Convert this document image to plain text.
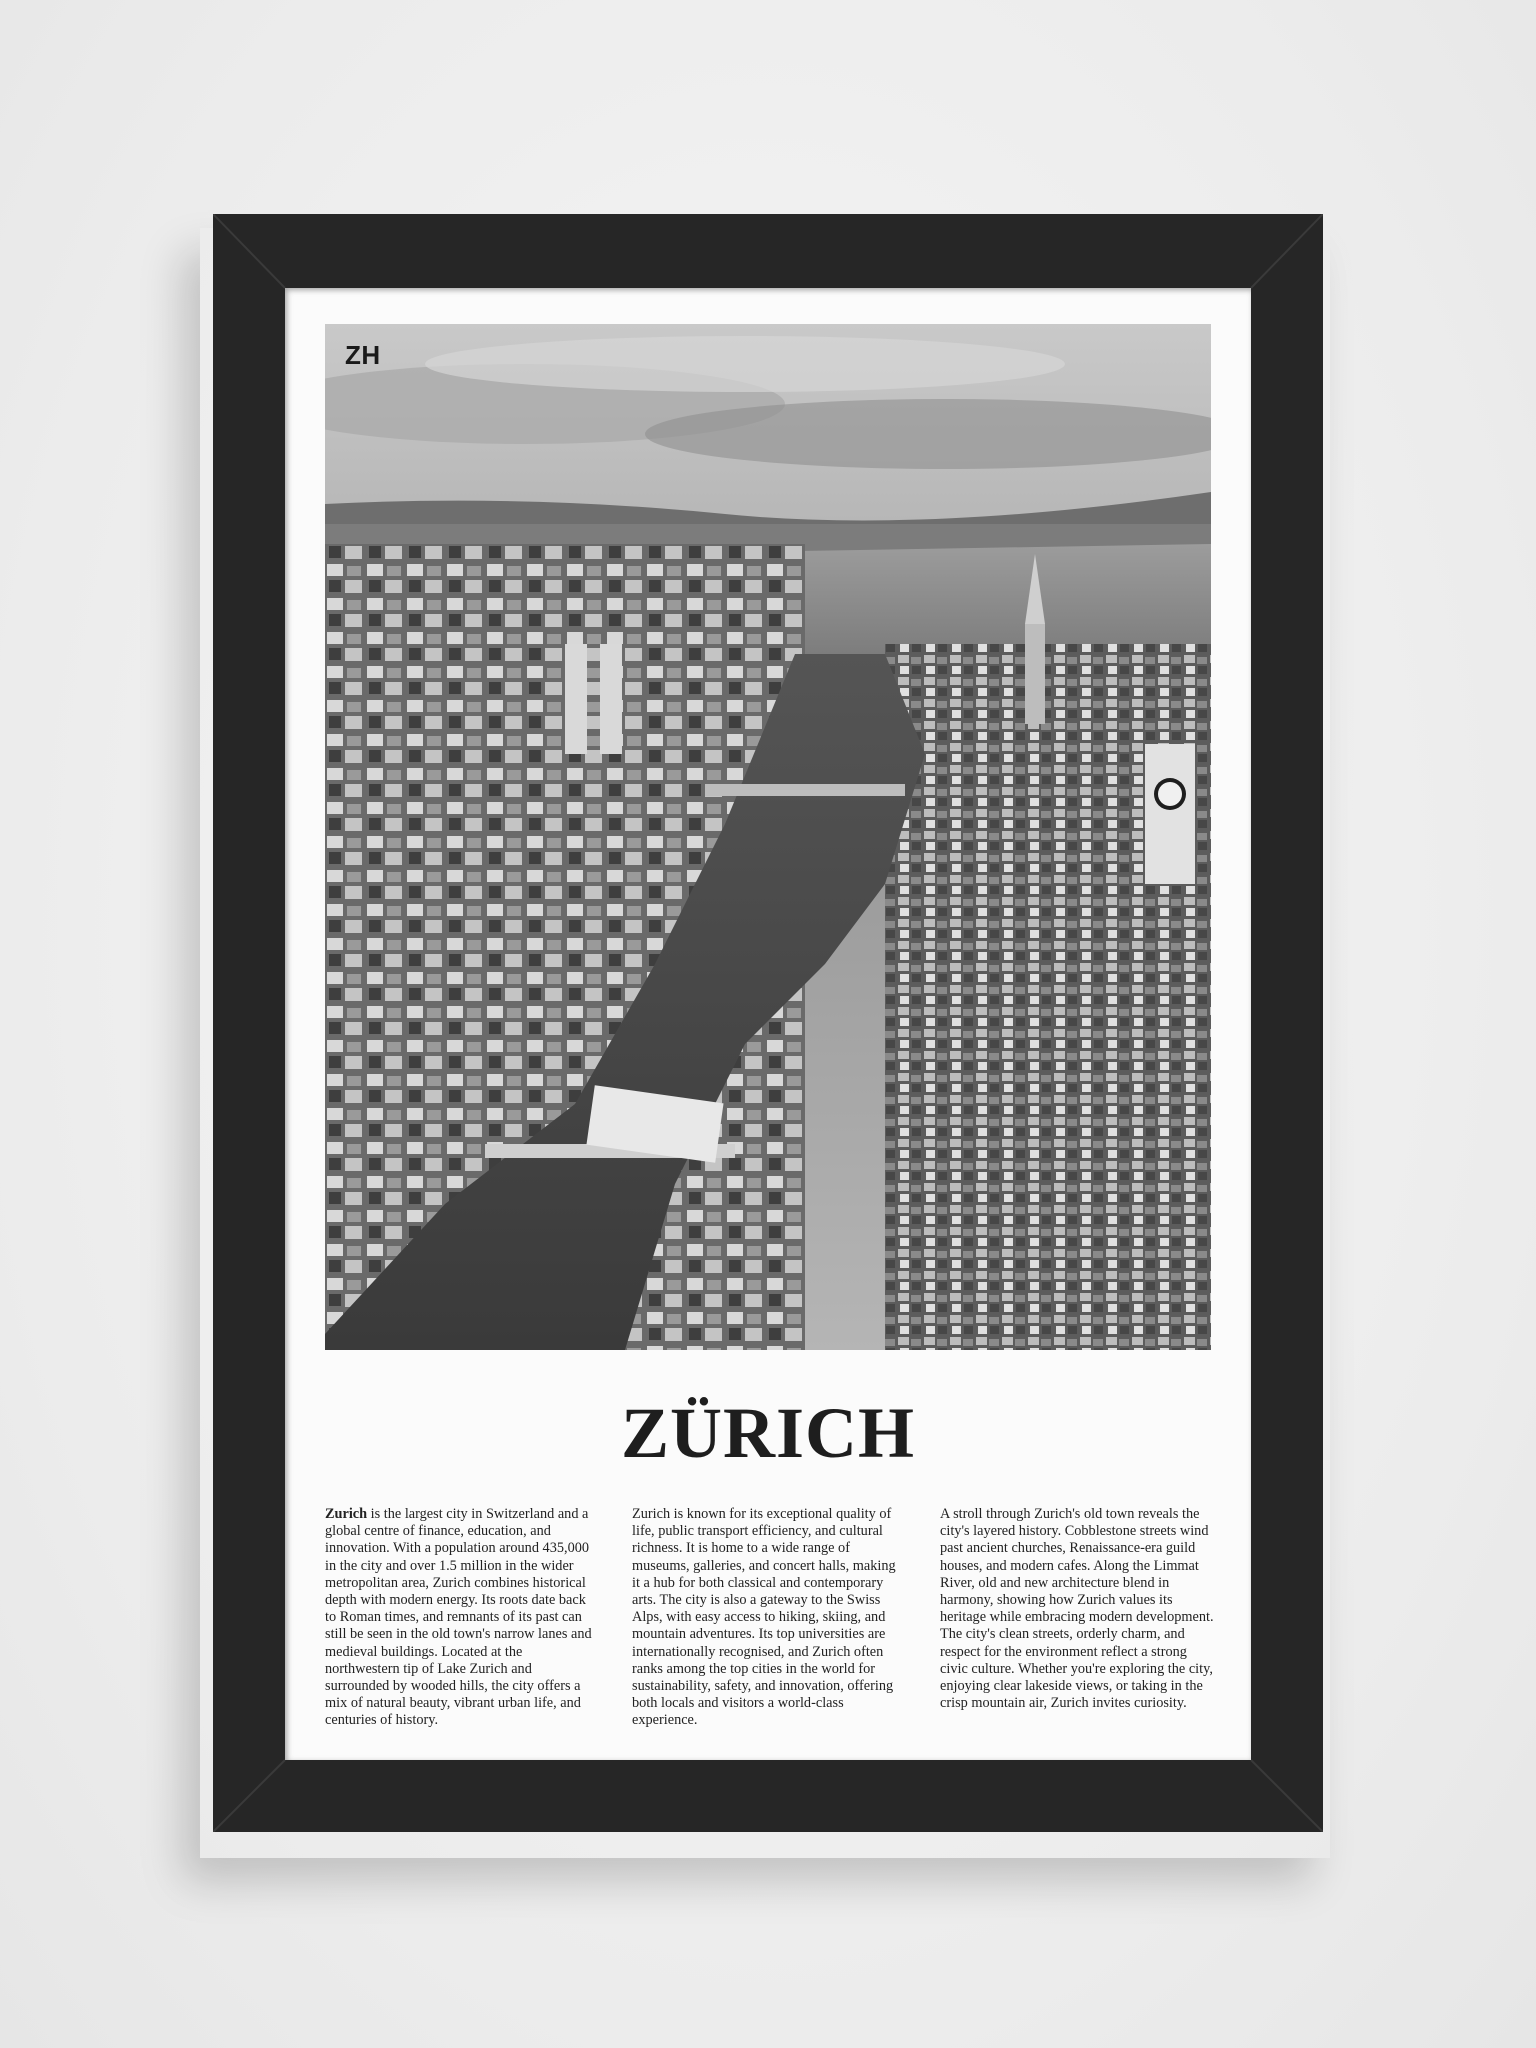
ZH
ZÜRICH
Zurich is the largest city in Switzerland and a global centre of finance, education, and innovation. With a population around 435,000 in the city and over 1.5 million in the wider metropolitan area, Zurich combines historical depth with modern energy. Its roots date back to Roman times, and remnants of its past can still be seen in the old town's narrow lanes and medieval buildings. Located at the northwestern tip of Lake Zurich and surrounded by wooded hills, the city offers a mix of natural beauty, vibrant urban life, and centuries of history.
Zurich is known for its exceptional quality of life, public transport efficiency, and cultural richness. It is home to a wide range of museums, galleries, and concert halls, making it a hub for both classical and contemporary arts. The city is also a gateway to the Swiss Alps, with easy access to hiking, skiing, and mountain adventures. Its top universities are internationally recognised, and Zurich often ranks among the top cities in the world for sustainability, safety, and innovation, offering both locals and visitors a world-class experience.
A stroll through Zurich's old town reveals the city's layered history. Cobblestone streets wind past ancient churches, Renaissance-era guild houses, and modern cafes. Along the Limmat River, old and new architecture blend in harmony, showing how Zurich values its heritage while embracing modern development. The city's clean streets, orderly charm, and respect for the environment reflect a strong civic culture. Whether you're exploring the city, enjoying clear lakeside views, or taking in the crisp mountain air, Zurich invites curiosity.
